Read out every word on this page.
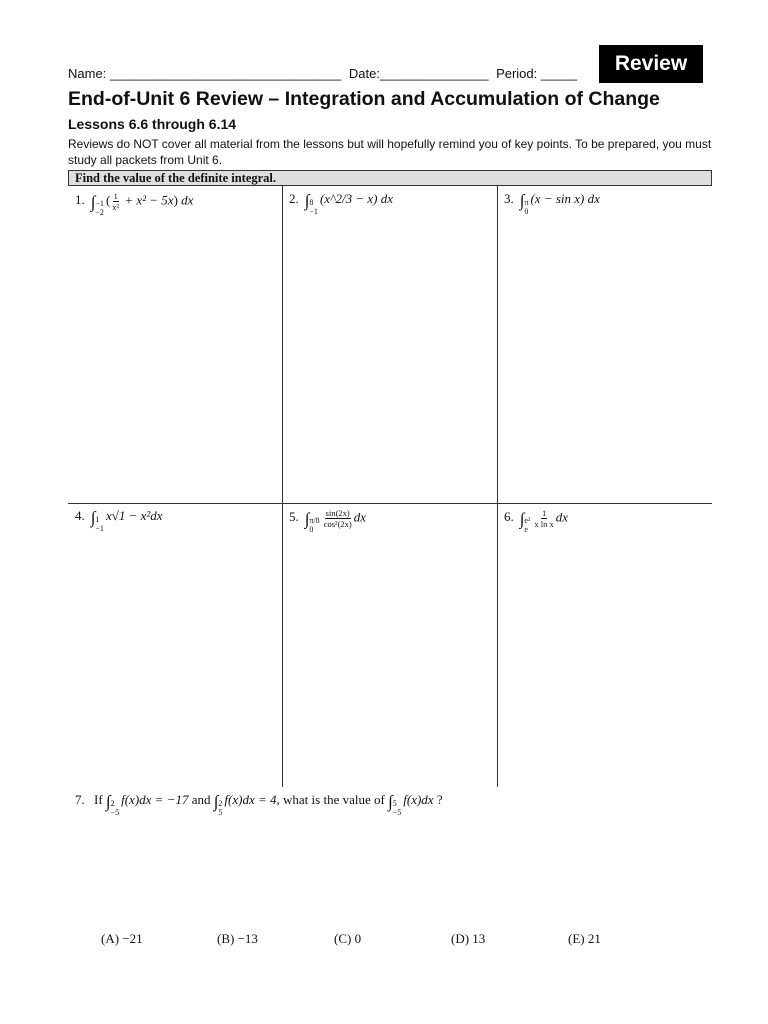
Name: ________________________________ Date:_______________ Period: _____	Review
End-of-Unit 6 Review – Integration and Accumulation of Change
Lessons 6.6 through 6.14
Reviews do NOT cover all material from the lessons but will hopefully remind you of key points. To be prepared, you must study all packets from Unit 6.
Find the value of the definite integral.
1. ∫ −1
−2
( $\frac{1}{\text{x²}} + x^2 - 5x$) dx	2. ∫ 8
−1
(x^2/3 − x) dx	3. ∫ π
0
(x − sin x) dx
4. ∫ 1
−1
x√1 − x²dx	5. ∫ π/8
0
$\frac{\sin(2x)}{\text{cos²(2x)}}$ dx	6. ∫ e²
e
$\frac{1}{\text{x ln x}}$ dx
7. If ∫ 2
−5
f(x)dx = −17 and ∫ 2
5
f(x)dx = 4, what is the value of ∫ 5
−5
f(x)dx ?
(A) −21	(B) −13	(C) 0	(D) 13	(E) 21
